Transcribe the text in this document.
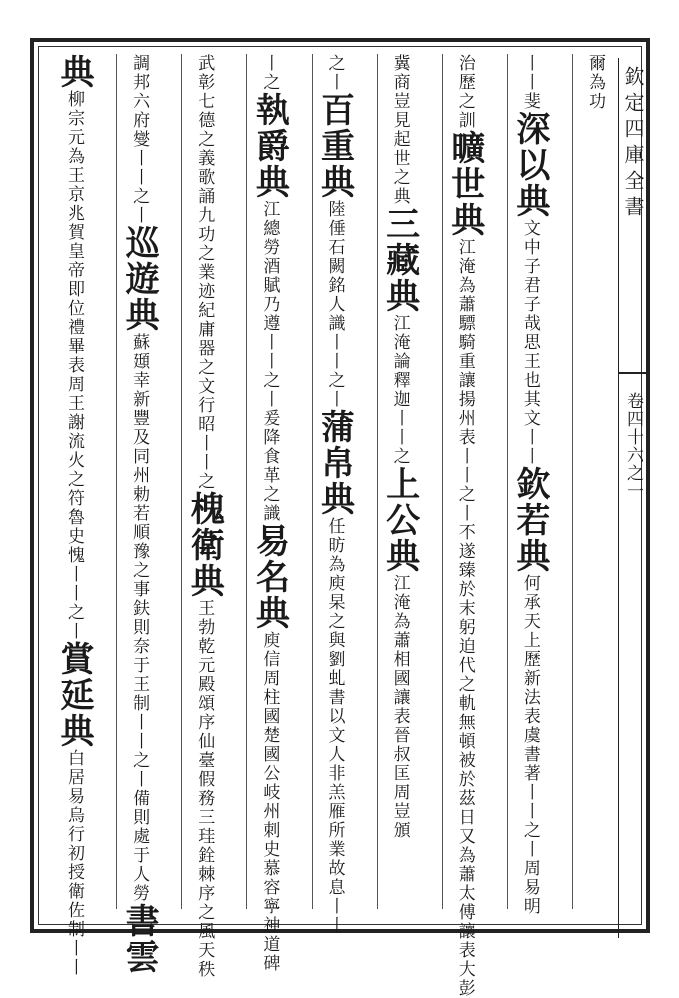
欽定四庫全書
卷四十六之一
爾為功
丨丨斐深以典文中子君子哉思王也其文丨丨欽若典何承天上歷新法表虞書著丨丨之丨周易明
治歷之訓曠世典江淹為蕭驃騎重讓揚州表丨丨之丨不遂臻於末躬迫代之軌無頓被於茲日又為蕭太傅讓表大彭
冀商豈見起世之典三藏典江淹論釋迦丨丨之上公典江淹為蕭相國讓表晉叔匡周豈頒
之丨百重典陸倕石闕銘人識丨丨之丨蒲帛典任昉為庾杲之與劉虬書以文人非羔雁所業故息丨丨
丨之執爵典江總勞酒賦乃遵丨丨之丨爰降食革之識易名典庾信周柱國楚國公岐州刺史慕容寧神道碑
武彰七德之義歌誦九功之業迹紀庸器之文行昭丨丨之槐衛典王勃乾元殿頌序仙臺假務三珪銓棘序之風天秩
調邦六府燮丨丨之丨巡遊典蘇頲幸新豐及同州勅若順豫之事鈇則奈于王制丨丨之丨備則處于人勞書雲
典柳宗元為王京兆賀皇帝即位禮畢表周王謝流火之符魯史愧丨丨之丨賞延典白居易烏行初授衛佐制丨丨
